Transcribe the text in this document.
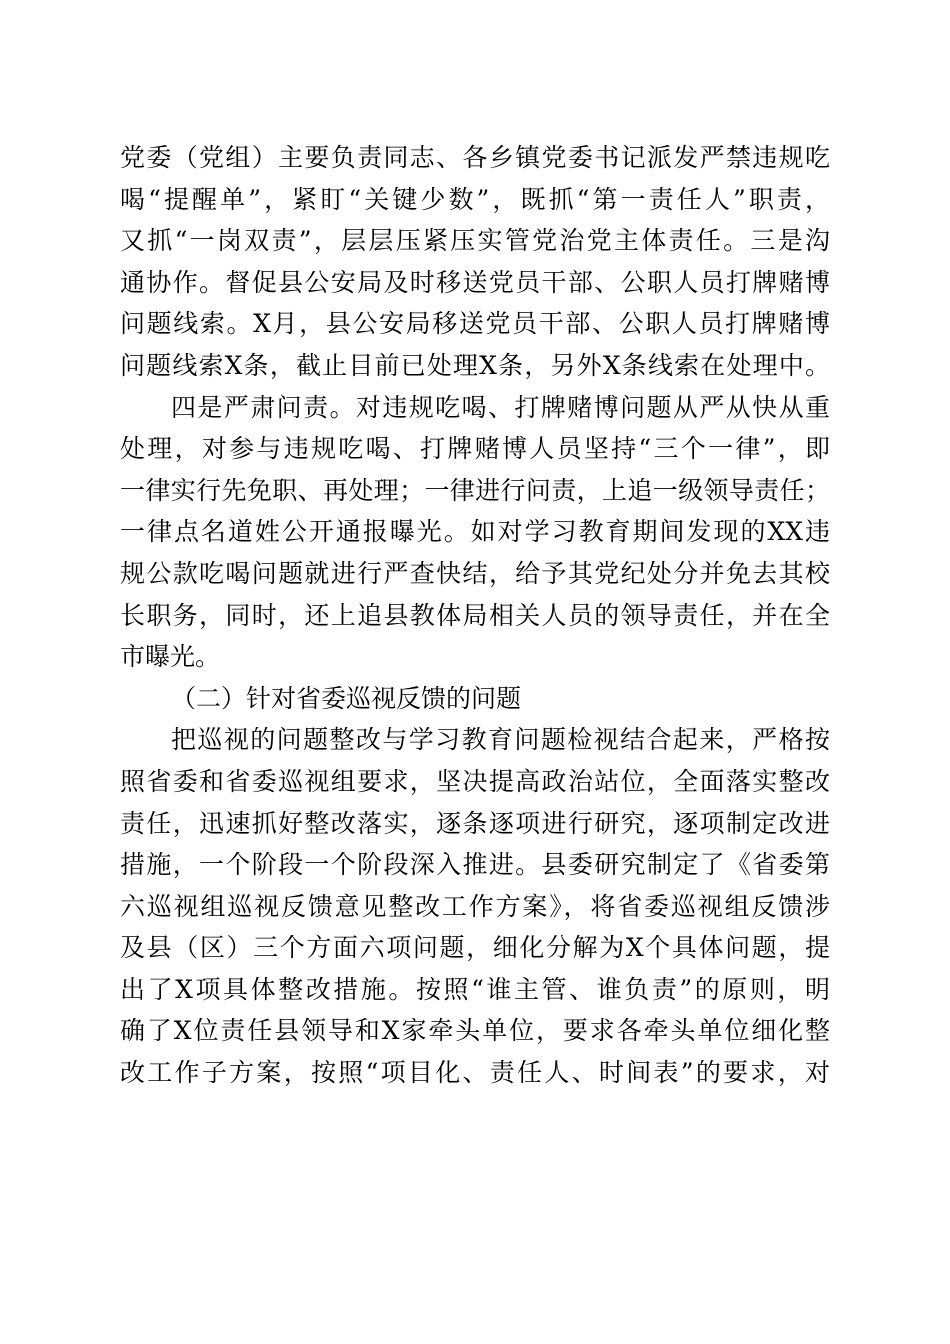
党委（党组）主要负责同志、各乡镇党委书记派发严禁违规吃
喝“提醒单”，紧盯“关键少数”，既抓“第一责任人”职责，
又抓“一岗双责”，层层压紧压实管党治党主体责任。三是沟
通协作。督促县公安局及时移送党员干部、公职人员打牌赌博
问题线索。X月，县公安局移送党员干部、公职人员打牌赌博
问题线索X条，截止目前已处理X条，另外X条线索在处理中。
四是严肃问责。对违规吃喝、打牌赌博问题从严从快从重
处理，对参与违规吃喝、打牌赌博人员坚持“三个一律”，即
一律实行先免职、再处理；一律进行问责，上追一级领导责任；
一律点名道姓公开通报曝光。如对学习教育期间发现的XX违
规公款吃喝问题就进行严查快结，给予其党纪处分并免去其校
长职务，同时，还上追县教体局相关人员的领导责任，并在全
市曝光。
（二）针对省委巡视反馈的问题
把巡视的问题整改与学习教育问题检视结合起来，严格按
照省委和省委巡视组要求，坚决提高政治站位，全面落实整改
责任，迅速抓好整改落实，逐条逐项进行研究，逐项制定改进
措施，一个阶段一个阶段深入推进。县委研究制定了《省委第
六巡视组巡视反馈意见整改工作方案》，将省委巡视组反馈涉
及县（区）三个方面六项问题，细化分解为X个具体问题，提
出了X项具体整改措施。按照“谁主管、谁负责”的原则，明
确了X位责任县领导和X家牵头单位，要求各牵头单位细化整
改工作子方案，按照“项目化、责任人、时间表”的要求，对
